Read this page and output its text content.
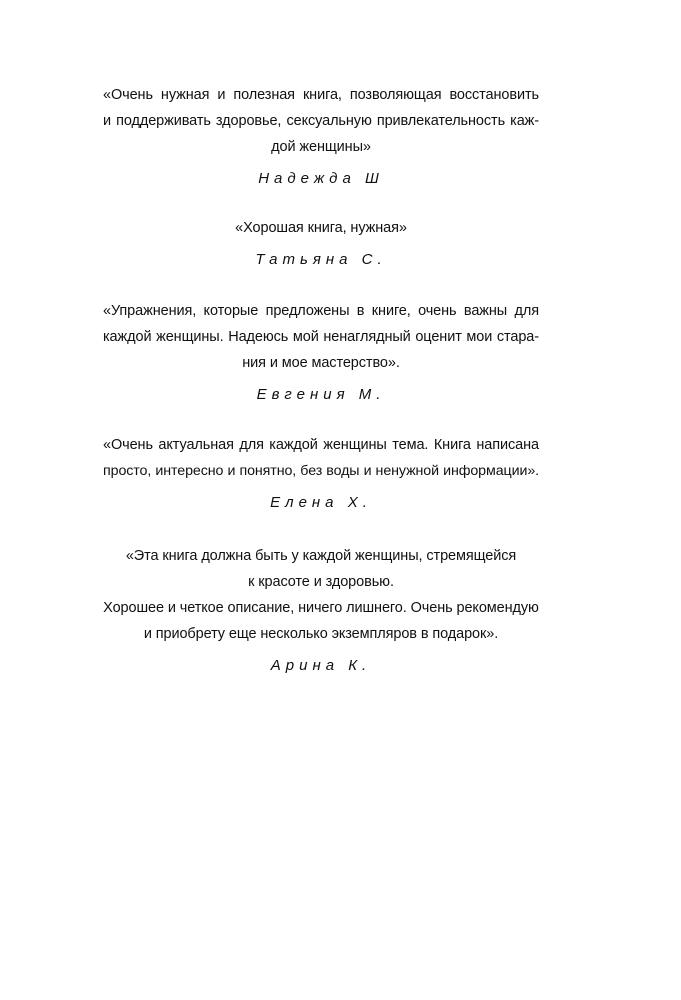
«Очень нужная и полезная книга, позволяющая восстановить
и поддерживать здоровье, сексуальную привлекательность каж-
дой женщины»

Надежда Ш

«Хорошая книга, нужная»

Татьяна С.

«Упражнения, которые предложены в книге, очень важны для
каждой женщины. Надеюсь мой ненаглядный оценит мои стара-
ния и мое мастерство».

Евгения М.

«Очень актуальная для каждой женщины тема. Книга написана
просто, интересно и понятно, без воды и ненужной информации».

Елена Х.

«Эта книга должна быть у каждой женщины, стремящейся
к красоте и здоровью.
Хорошее и четкое описание, ничего лишнего. Очень рекомендую
и приобрету еще несколько экземпляров в подарок».

Арина К.
